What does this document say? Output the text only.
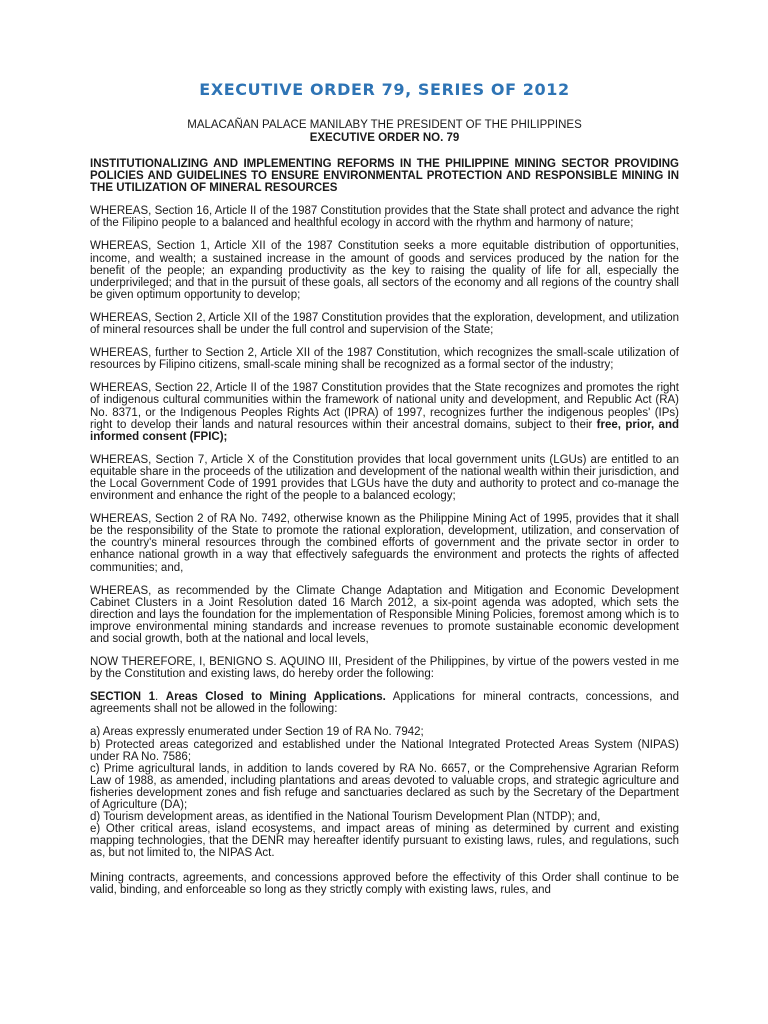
EXECUTIVE ORDER 79, SERIES OF 2012
MALACAÑAN PALACE MANILABY THE PRESIDENT OF THE PHILIPPINES
EXECUTIVE ORDER NO. 79

INSTITUTIONALIZING AND IMPLEMENTING REFORMS IN THE PHILIPPINE MINING SECTOR PROVIDING POLICIES AND GUIDELINES TO ENSURE ENVIRONMENTAL PROTECTION AND RESPONSIBLE MINING IN THE UTILIZATION OF MINERAL RESOURCES

WHEREAS, Section 16, Article II of the 1987 Constitution provides that the State shall protect and advance the right of the Filipino people to a balanced and healthful ecology in accord with the rhythm and harmony of nature;

WHEREAS, Section 1, Article XII of the 1987 Constitution seeks a more equitable distribution of opportunities, income, and wealth; a sustained increase in the amount of goods and services produced by the nation for the benefit of the people; an expanding productivity as the key to raising the quality of life for all, especially the underprivileged; and that in the pursuit of these goals, all sectors of the economy and all regions of the country shall be given optimum opportunity to develop;

WHEREAS, Section 2, Article XII of the 1987 Constitution provides that the exploration, development, and utilization of mineral resources shall be under the full control and supervision of the State;

WHEREAS, further to Section 2, Article XII of the 1987 Constitution, which recognizes the small-scale utilization of resources by Filipino citizens, small-scale mining shall be recognized as a formal sector of the industry;

WHEREAS, Section 22, Article II of the 1987 Constitution provides that the State recognizes and promotes the right of indigenous cultural communities within the framework of national unity and development, and Republic Act (RA) No. 8371, or the Indigenous Peoples Rights Act (IPRA) of 1997, recognizes further the indigenous peoples' (IPs) right to develop their lands and natural resources within their ancestral domains, subject to their free, prior, and informed consent (FPIC);

WHEREAS, Section 7, Article X of the Constitution provides that local government units (LGUs) are entitled to an equitable share in the proceeds of the utilization and development of the national wealth within their jurisdiction, and the Local Government Code of 1991 provides that LGUs have the duty and authority to protect and co-manage the environment and enhance the right of the people to a balanced ecology;

WHEREAS, Section 2 of RA No. 7492, otherwise known as the Philippine Mining Act of 1995, provides that it shall be the responsibility of the State to promote the rational exploration, development, utilization, and conservation of the country's mineral resources through the combined efforts of government and the private sector in order to enhance national growth in a way that effectively safeguards the environment and protects the rights of affected communities; and,

WHEREAS, as recommended by the Climate Change Adaptation and Mitigation and Economic Development Cabinet Clusters in a Joint Resolution dated 16 March 2012, a six-point agenda was adopted, which sets the direction and lays the foundation for the implementation of Responsible Mining Policies, foremost among which is to improve environmental mining standards and increase revenues to promote sustainable economic development and social growth, both at the national and local levels,

NOW THEREFORE, I, BENIGNO S. AQUINO III, President of the Philippines, by virtue of the powers vested in me by the Constitution and existing laws, do hereby order the following:

SECTION 1. Areas Closed to Mining Applications. Applications for mineral contracts, concessions, and agreements shall not be allowed in the following:

a) Areas expressly enumerated under Section 19 of RA No. 7942;
b) Protected areas categorized and established under the National Integrated Protected Areas System (NIPAS) under RA No. 7586;
c) Prime agricultural lands, in addition to lands covered by RA No. 6657, or the Comprehensive Agrarian Reform Law of 1988, as amended, including plantations and areas devoted to valuable crops, and strategic agriculture and fisheries development zones and fish refuge and sanctuaries declared as such by the Secretary of the Department of Agriculture (DA);
d) Tourism development areas, as identified in the National Tourism Development Plan (NTDP); and,
e) Other critical areas, island ecosystems, and impact areas of mining as determined by current and existing mapping technologies, that the DENR may hereafter identify pursuant to existing laws, rules, and regulations, such as, but not limited to, the NIPAS Act.

Mining contracts, agreements, and concessions approved before the effectivity of this Order shall continue to be valid, binding, and enforceable so long as they strictly comply with existing laws, rules, and
